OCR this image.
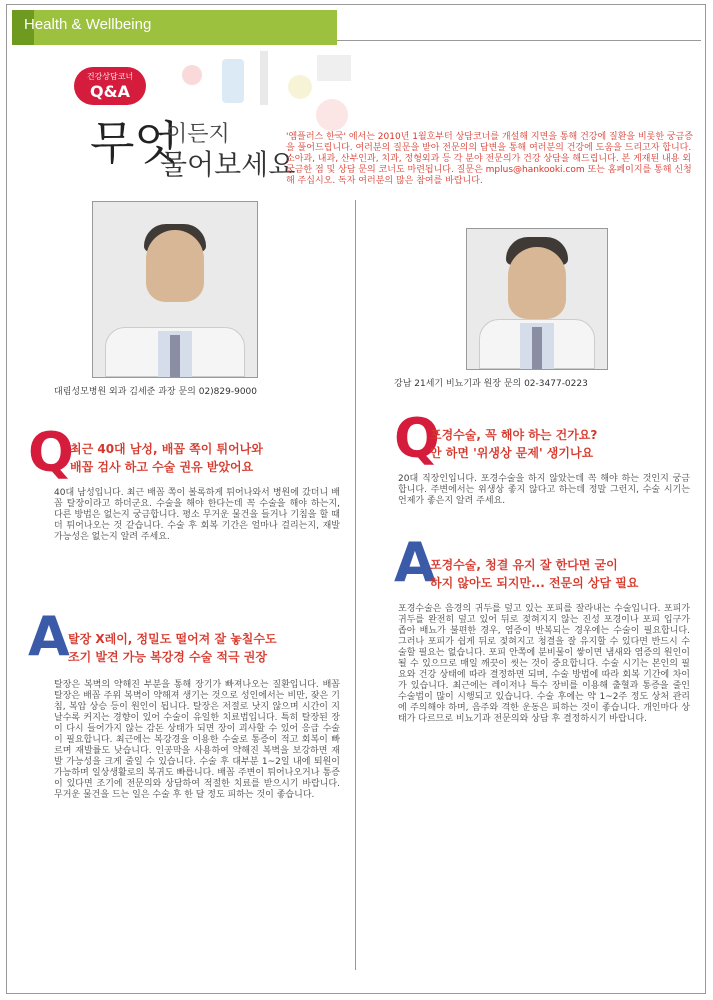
Health & Wellbeing
건강상담코너
Q&A
무엇
이든지
물어보세요
'엠플러스 한국' 에서는 2010년 1월호부터 상담코너를 개설해 지면을 통해 건강에 질환을 비롯한 궁금증을 풀어드립니다. 여러분의 질문을 받아 전문의의 답변을 통해 여러분의 건강에 도움을 드리고자 합니다. 소아과, 내과, 산부인과, 치과, 정형외과 등 각 분야 전문의가 건강 상담을 해드립니다. 본 게재된 내용 외 궁금한 점 및 상담 문의 코너도 마련됩니다. 질문은 mplus@hankooki.com 또는 홈페이지를 통해 신청해 주십시오. 독자 여러분의 많은 참여를 바랍니다.
대림성모병원 외과 김세준 과장 문의 02)829-9000
강남 21세기 비뇨기과 원장 문의 02-3477-0223
Q
최근 40대 남성, 배꼽 쪽이 튀어나와
배꼽 검사 하고 수술 권유 받았어요
40대 남성입니다. 최근 배꼽 쪽이 볼록하게 튀어나와서 병원에 갔더니 배꼽 탈장이라고 하더군요. 수술을 해야 한다는데 꼭 수술을 해야 하는지, 다른 방법은 없는지 궁금합니다. 평소 무거운 물건을 들거나 기침을 할 때 더 튀어나오는 것 같습니다. 수술 후 회복 기간은 얼마나 걸리는지, 재발 가능성은 없는지 알려 주세요.
A
탈장 X레이, 정밀도 떨어져 잘 놓칠수도
조기 발견 가능 복강경 수술 적극 권장
탈장은 복벽의 약해진 부분을 통해 장기가 빠져나오는 질환입니다. 배꼽 탈장은 배꼽 주위 복벽이 약해져 생기는 것으로 성인에서는 비만, 잦은 기침, 복압 상승 등이 원인이 됩니다. 탈장은 저절로 낫지 않으며 시간이 지날수록 커지는 경향이 있어 수술이 유일한 치료법입니다. 특히 탈장된 장이 다시 들어가지 않는 감돈 상태가 되면 장이 괴사할 수 있어 응급 수술이 필요합니다. 최근에는 복강경을 이용한 수술로 통증이 적고 회복이 빠르며 재발률도 낮습니다. 인공막을 사용하여 약해진 복벽을 보강하면 재발 가능성을 크게 줄일 수 있습니다. 수술 후 대부분 1~2일 내에 퇴원이 가능하며 일상생활로의 복귀도 빠릅니다. 배꼽 주변이 튀어나오거나 통증이 있다면 조기에 전문의와 상담하여 적절한 치료를 받으시기 바랍니다. 무거운 물건을 드는 일은 수술 후 한 달 정도 피하는 것이 좋습니다.
Q
포경수술, 꼭 해야 하는 건가요?
안 하면 '위생상 문제' 생기나요
20대 직장인입니다. 포경수술을 하지 않았는데 꼭 해야 하는 것인지 궁금합니다. 주변에서는 위생상 좋지 않다고 하는데 정말 그런지, 수술 시기는 언제가 좋은지 알려 주세요.
A
포경수술, 청결 유지 잘 한다면 굳이
하지 않아도 되지만... 전문의 상담 필요
포경수술은 음경의 귀두를 덮고 있는 포피를 잘라내는 수술입니다. 포피가 귀두를 완전히 덮고 있어 뒤로 젖혀지지 않는 진성 포경이나 포피 입구가 좁아 배뇨가 불편한 경우, 염증이 반복되는 경우에는 수술이 필요합니다. 그러나 포피가 쉽게 뒤로 젖혀지고 청결을 잘 유지할 수 있다면 반드시 수술할 필요는 없습니다. 포피 안쪽에 분비물이 쌓이면 냄새와 염증의 원인이 될 수 있으므로 매일 깨끗이 씻는 것이 중요합니다. 수술 시기는 본인의 필요와 건강 상태에 따라 결정하면 되며, 수술 방법에 따라 회복 기간에 차이가 있습니다. 최근에는 레이저나 특수 장비를 이용해 출혈과 통증을 줄인 수술법이 많이 시행되고 있습니다. 수술 후에는 약 1~2주 정도 상처 관리에 주의해야 하며, 음주와 격한 운동은 피하는 것이 좋습니다. 개인마다 상태가 다르므로 비뇨기과 전문의와 상담 후 결정하시기 바랍니다.
